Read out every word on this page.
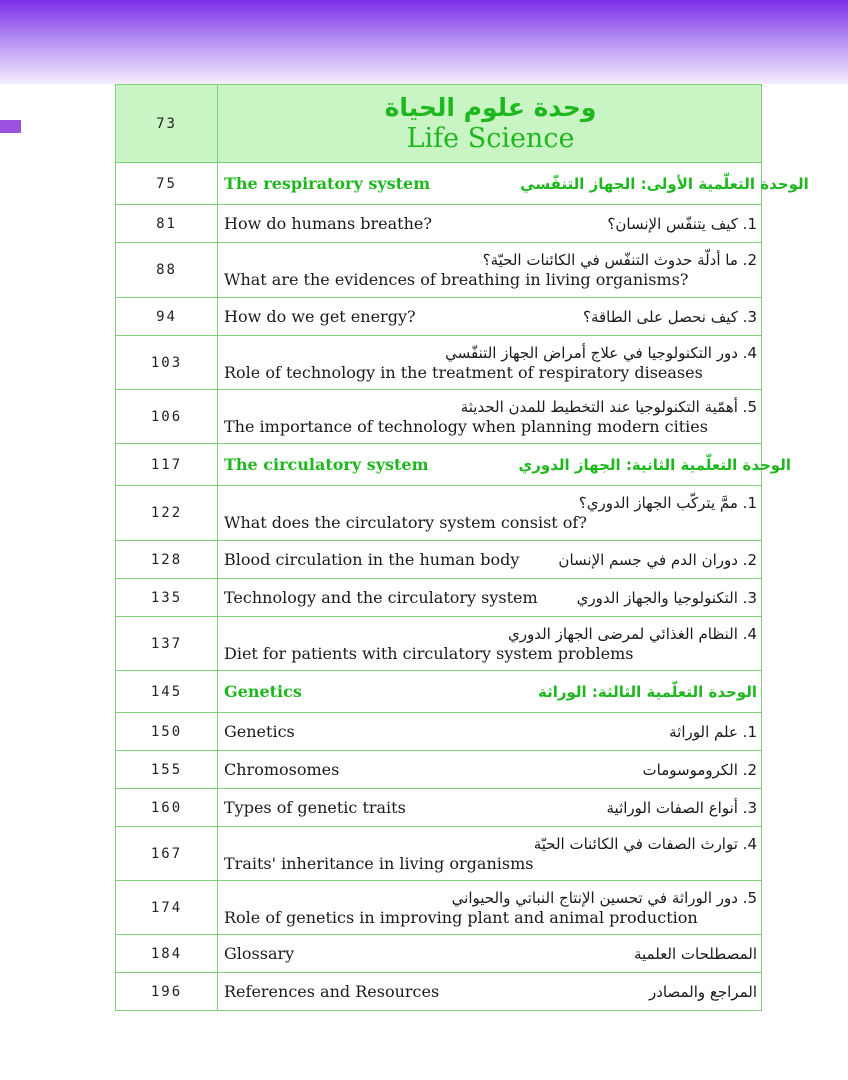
73	وحدة علوم الحياة
Life Science

75	The respiratory system الوحدة التعلّمية الأولى: الجهاز التنفّسي

81	How do humans breathe? 1. كيف يتنفّس الإنسان؟

88	2. ما أدلّة حدوث التنفّس في الكائنات الحيّة؟
What are the evidences of breathing in living organisms?

94	How do we get energy? 3. كيف نحصل على الطاقة؟

103	4. دور التكنولوجيا في علاج أمراض الجهاز التنفّسي
Role of technology in the treatment of respiratory diseases

106	5. أهمّية التكنولوجيا عند التخطيط للمدن الحديثة
The importance of technology when planning modern cities

117	The circulatory system الوحدة التعلّمية الثانية: الجهاز الدوري

122	1. ممَّ يتركّب الجهاز الدوري؟
What does the circulatory system consist of?

128	Blood circulation in the human body 2. دوران الدم في جسم الإنسان

135	Technology and the circulatory system 3. التكنولوجيا والجهاز الدوري

137	4. النظام الغذائي لمرضى الجهاز الدوري
Diet for patients with circulatory system problems

145	Genetics الوحدة التعلّمية الثالثة: الوراثة

150	Genetics 1. علم الوراثة

155	Chromosomes 2. الكروموسومات

160	Types of genetic traits 3. أنواع الصفات الوراثية

167	4. توارث الصفات في الكائنات الحيّة
Traits' inheritance in living organisms

174	5. دور الوراثة في تحسين الإنتاج النباتي والحيواني
Role of genetics in improving plant and animal production

184	Glossary المصطلحات العلمية

196	References and Resources المراجع والمصادر
